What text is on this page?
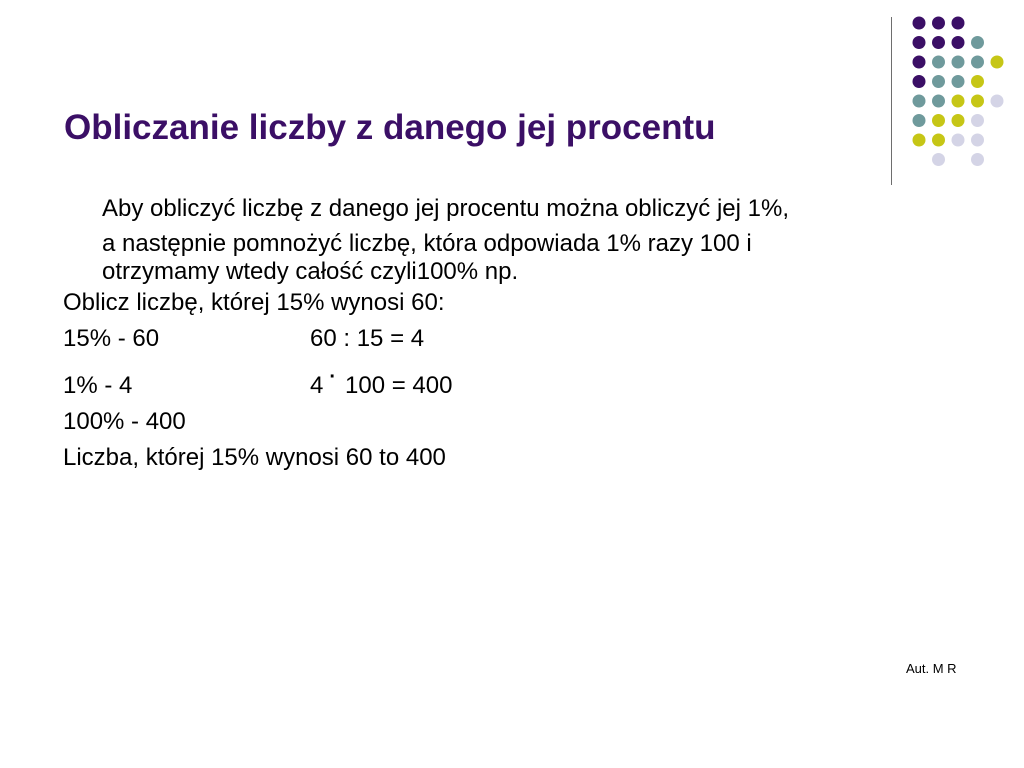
Obliczanie liczby z danego jej procentu
Aby obliczyć liczbę z danego jej procentu można obliczyć jej 1%,
a następnie pomnożyć liczbę, która odpowiada 1% razy 100 i
otrzymamy wtedy całość czyli100% np.
Oblicz liczbę, której 15% wynosi 60:
15% - 60	60 : 15 = 4
1% - 4	4 · 100 = 400
100% - 400
Liczba, której 15% wynosi 60 to 400
Aut. M R
